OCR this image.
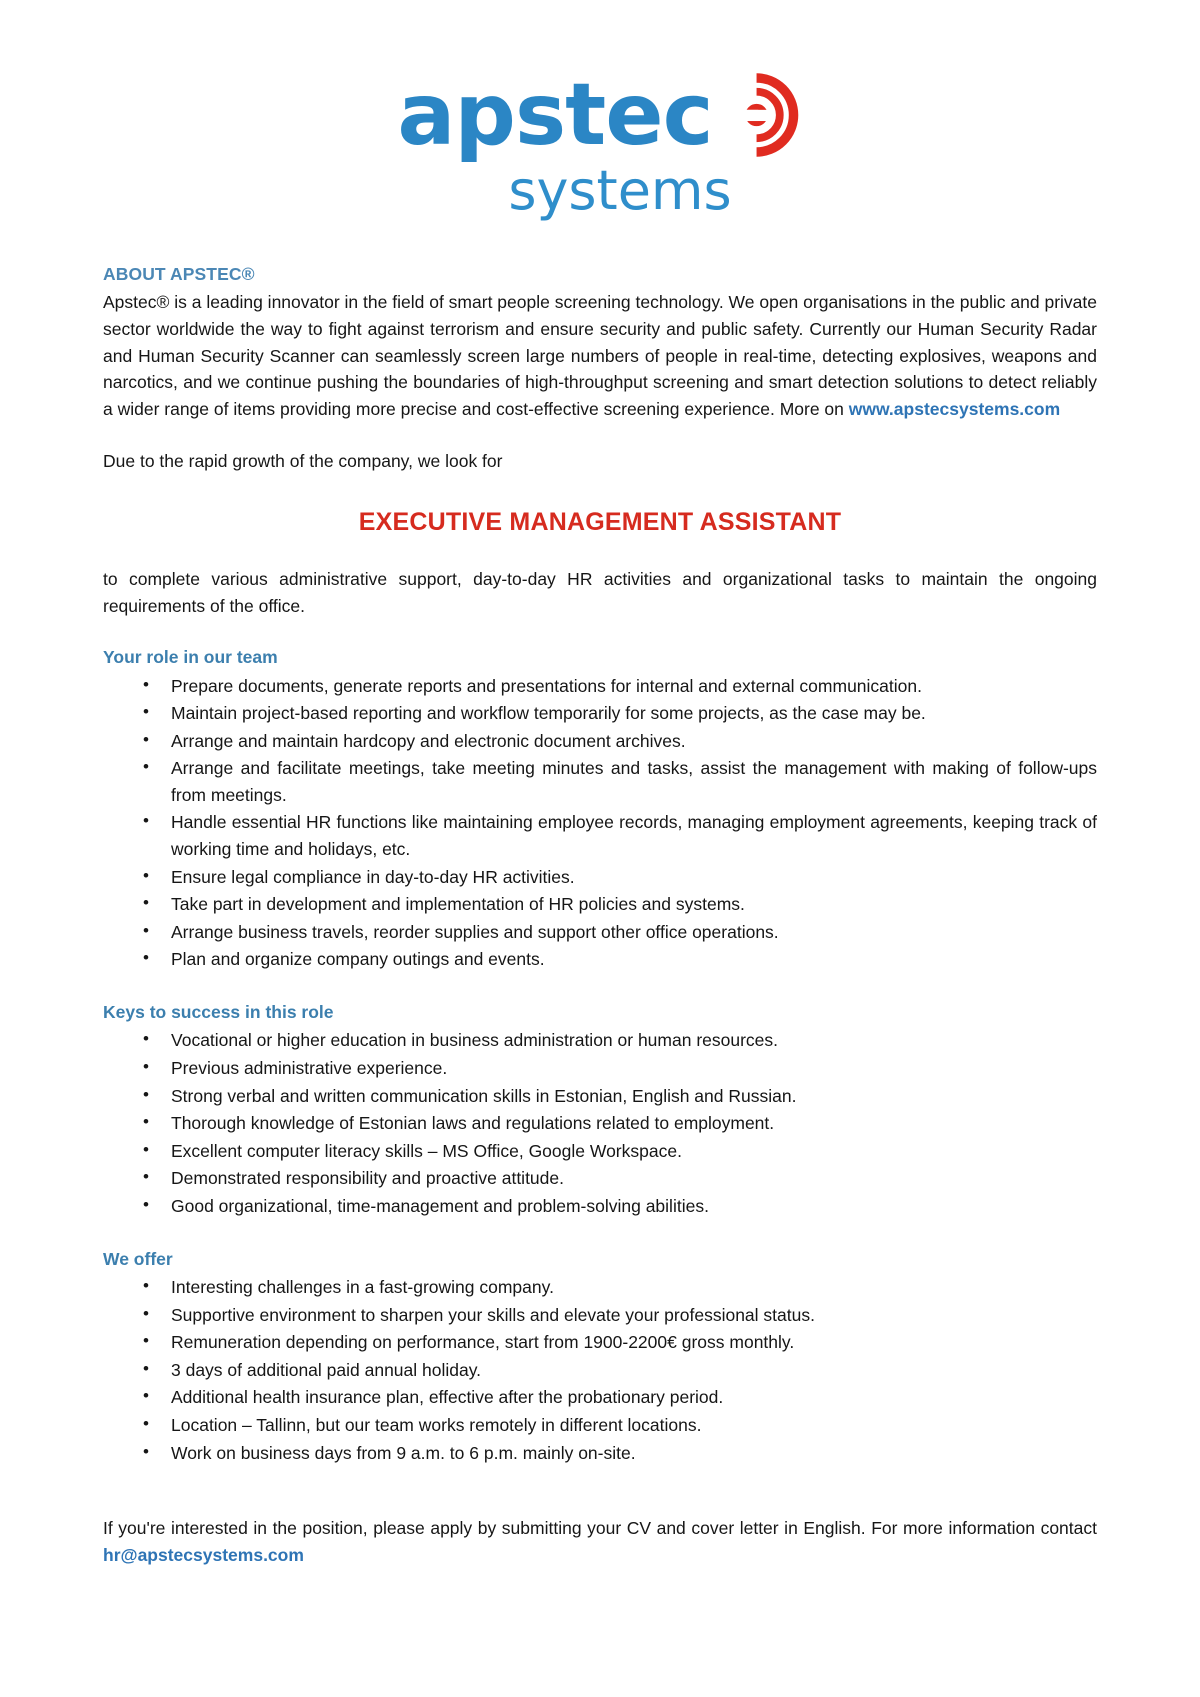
apstec
systems
ABOUT APSTEC®

Apstec® is a leading innovator in the field of smart people screening technology. We open organisations in the public and private sector worldwide the way to fight against terrorism and ensure security and public safety. Currently our Human Security Radar and Human Security Scanner can seamlessly screen large numbers of people in real-time, detecting explosives, weapons and narcotics, and we continue pushing the boundaries of high-throughput screening and smart detection solutions to detect reliably a wider range of items providing more precise and cost-effective screening experience. More on www.apstecsystems.com

Due to the rapid growth of the company, we look for

EXECUTIVE MANAGEMENT ASSISTANT

to complete various administrative support, day-to-day HR activities and organizational tasks to maintain the ongoing requirements of the office.

Your role in our team
• Prepare documents, generate reports and presentations for internal and external communication.
• Maintain project-based reporting and workflow temporarily for some projects, as the case may be.
• Arrange and maintain hardcopy and electronic document archives.
• Arrange and facilitate meetings, take meeting minutes and tasks, assist the management with making of follow-ups from meetings.
• Handle essential HR functions like maintaining employee records, managing employment agreements, keeping track of working time and holidays, etc.
• Ensure legal compliance in day-to-day HR activities.
• Take part in development and implementation of HR policies and systems.
• Arrange business travels, reorder supplies and support other office operations.
• Plan and organize company outings and events.
Keys to success in this role
• Vocational or higher education in business administration or human resources.
• Previous administrative experience.
• Strong verbal and written communication skills in Estonian, English and Russian.
• Thorough knowledge of Estonian laws and regulations related to employment.
• Excellent computer literacy skills – MS Office, Google Workspace.
• Demonstrated responsibility and proactive attitude.
• Good organizational, time-management and problem-solving abilities.
We offer
• Interesting challenges in a fast-growing company.
• Supportive environment to sharpen your skills and elevate your professional status.
• Remuneration depending on performance, start from 1900-2200€ gross monthly.
• 3 days of additional paid annual holiday.
• Additional health insurance plan, effective after the probationary period.
• Location – Tallinn, but our team works remotely in different locations.
• Work on business days from 9 a.m. to 6 p.m. mainly on-site.

If you're interested in the position, please apply by submitting your CV and cover letter in English. For more information contact hr@apstecsystems.com
